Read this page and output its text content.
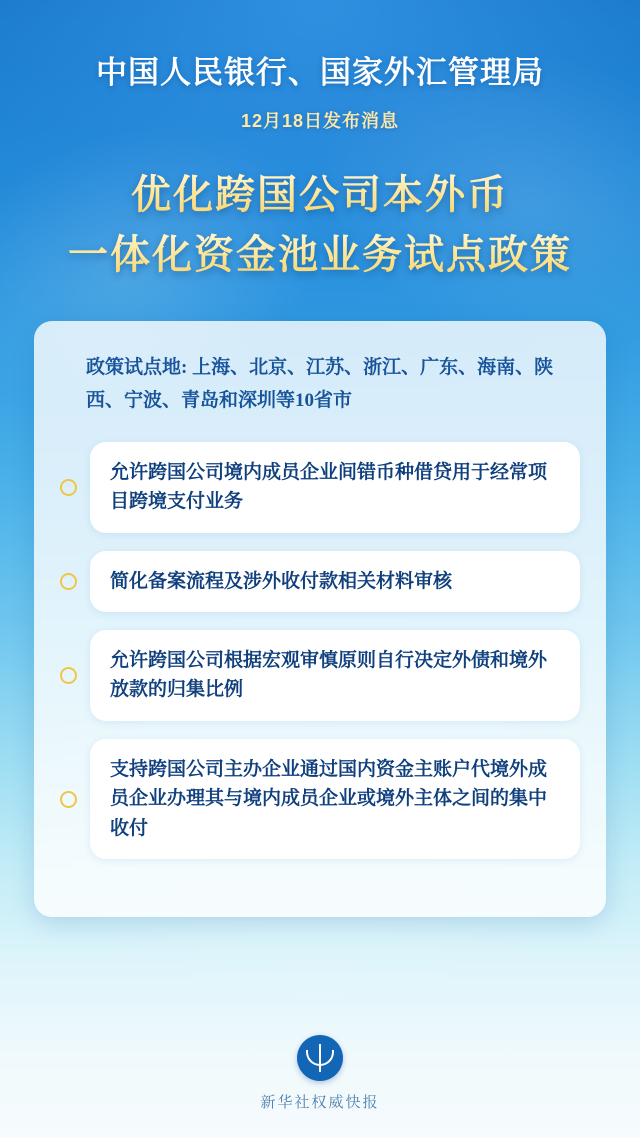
中国人民银行、国家外汇管理局
12月18日发布消息
优化跨国公司本外币
一体化资金池业务试点政策
政策试点地: 上海、北京、江苏、浙江、广东、海南、陕西、宁波、青岛和深圳等10省市
允许跨国公司境内成员企业间错币种借贷用于经常项目跨境支付业务
简化备案流程及涉外收付款相关材料审核
允许跨国公司根据宏观审慎原则自行决定外债和境外放款的归集比例
支持跨国公司主办企业通过国内资金主账户代境外成员企业办理其与境内成员企业或境外主体之间的集中收付
新华社权威快报
